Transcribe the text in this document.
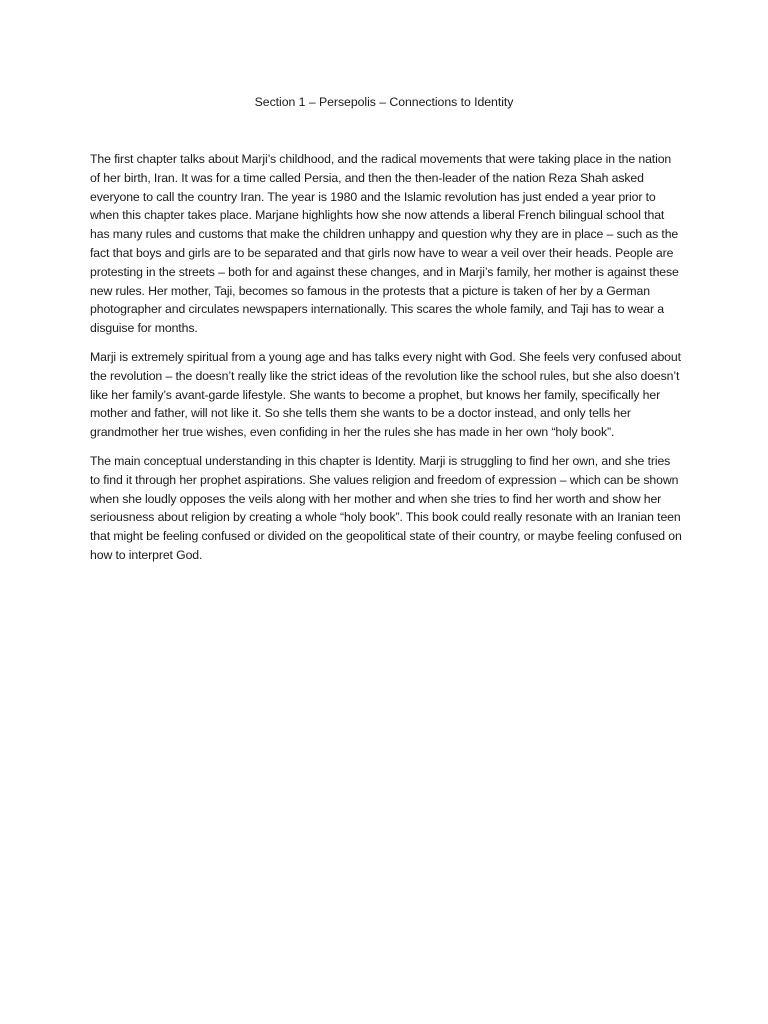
Section 1 – Persepolis – Connections to Identity

The first chapter talks about Marji’s childhood, and the radical movements that were taking place in the nation of her birth, Iran. It was for a time called Persia, and then the then-leader of the nation Reza Shah asked everyone to call the country Iran. The year is 1980 and the Islamic revolution has just ended a year prior to when this chapter takes place. Marjane highlights how she now attends a liberal French bilingual school that has many rules and customs that make the children unhappy and question why they are in place – such as the fact that boys and girls are to be separated and that girls now have to wear a veil over their heads. People are protesting in the streets – both for and against these changes, and in Marji’s family, her mother is against these new rules. Her mother, Taji, becomes so famous in the protests that a picture is taken of her by a German photographer and circulates newspapers internationally. This scares the whole family, and Taji has to wear a disguise for months.

Marji is extremely spiritual from a young age and has talks every night with God. She feels very confused about the revolution – the doesn’t really like the strict ideas of the revolution like the school rules, but she also doesn’t like her family’s avant-garde lifestyle. She wants to become a prophet, but knows her family, specifically her mother and father, will not like it. So she tells them she wants to be a doctor instead, and only tells her grandmother her true wishes, even confiding in her the rules she has made in her own “holy book”.

The main conceptual understanding in this chapter is Identity. Marji is struggling to find her own, and she tries to find it through her prophet aspirations. She values religion and freedom of expression – which can be shown when she loudly opposes the veils along with her mother and when she tries to find her worth and show her seriousness about religion by creating a whole “holy book”. This book could really resonate with an Iranian teen that might be feeling confused or divided on the geopolitical state of their country, or maybe feeling confused on how to interpret God.
